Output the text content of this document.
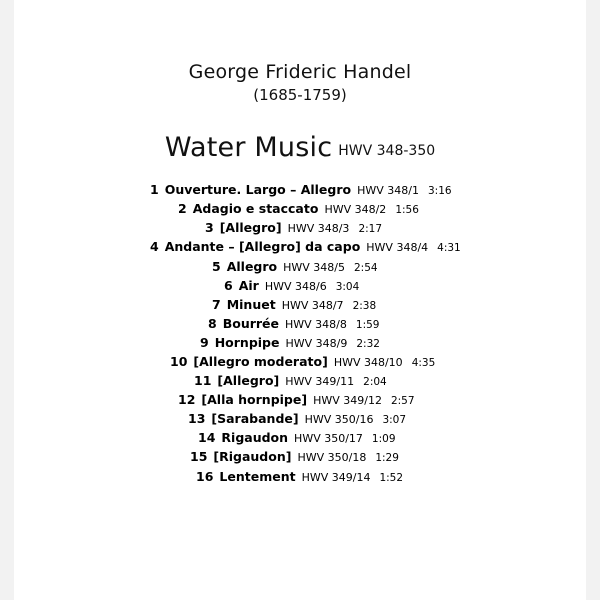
George Frideric Handel
(1685-1759)
Water Music HWV 348-350
1 Ouverture. Largo – Allegro HWV 348/1 3:16
2 Adagio e staccato HWV 348/2 1:56
3 [Allegro] HWV 348/3 2:17
4 Andante – [Allegro] da capo HWV 348/4 4:31
5 Allegro HWV 348/5 2:54
6 Air HWV 348/6 3:04
7 Minuet HWV 348/7 2:38
8 Bourrée HWV 348/8 1:59
9 Hornpipe HWV 348/9 2:32
10 [Allegro moderato] HWV 348/10 4:35
11 [Allegro] HWV 349/11 2:04
12 [Alla hornpipe] HWV 349/12 2:57
13 [Sarabande] HWV 350/16 3:07
14 Rigaudon HWV 350/17 1:09
15 [Rigaudon] HWV 350/18 1:29
16 Lentement HWV 349/14 1:52
